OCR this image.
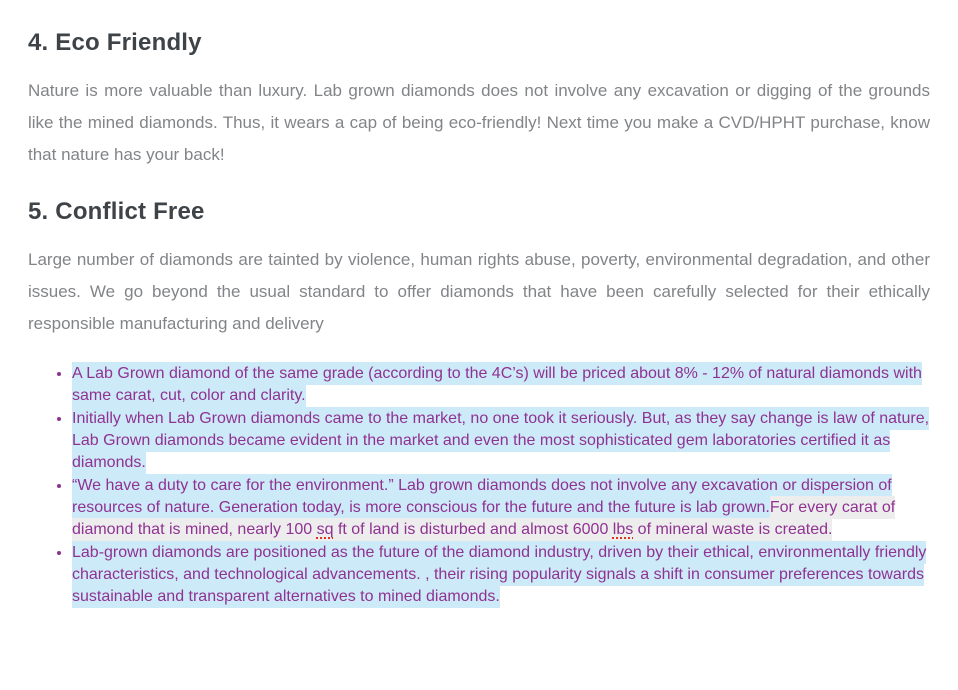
4. Eco Friendly

Nature is more valuable than luxury. Lab grown diamonds does not involve any excavation or digging of the grounds like the mined diamonds. Thus, it wears a cap of being eco-friendly! Next time you make a CVD/HPHT purchase, know that nature has your back!

5. Conflict Free

Large number of diamonds are tainted by violence, human rights abuse, poverty, environmental degradation, and other issues. We go beyond the usual standard to offer diamonds that have been carefully selected for their ethically responsible manufacturing and delivery

• A Lab Grown diamond of the same grade (according to the 4C’s) will be priced about 8% - 12% of natural diamonds with same carat, cut, color and clarity.
• Initially when Lab Grown diamonds came to the market, no one took it seriously. But, as they say change is law of nature, Lab Grown diamonds became evident in the market and even the most sophisticated gem laboratories certified it as diamonds.
• “We have a duty to care for the environment.” Lab grown diamonds does not involve any excavation or dispersion of resources of nature. Generation today, is more conscious for the future and the future is lab grown.For every carat of diamond that is mined, nearly 100 sq ft of land is disturbed and almost 6000 lbs of mineral waste is created.
• Lab-grown diamonds are positioned as the future of the diamond industry, driven by their ethical, environmentally friendly characteristics, and technological advancements. , their rising popularity signals a shift in consumer preferences towards sustainable and transparent alternatives to mined diamonds.
